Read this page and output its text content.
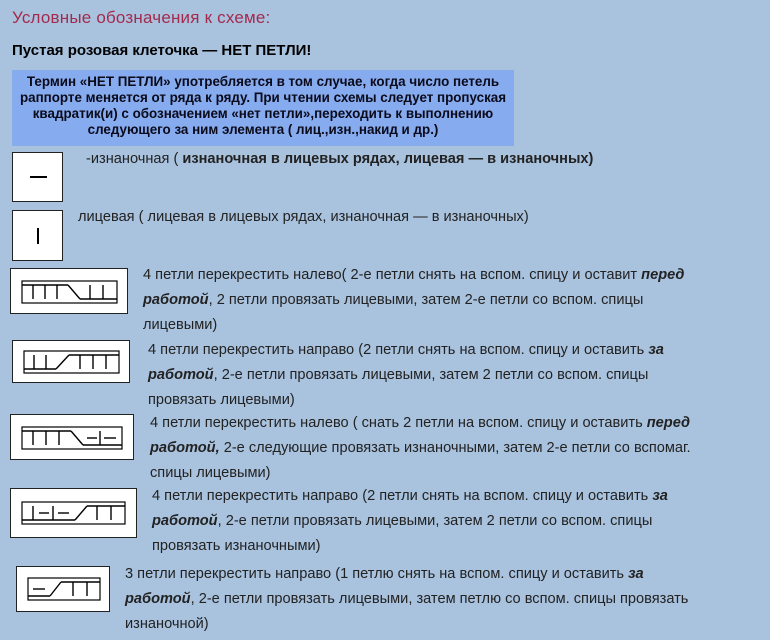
Условные обозначения к схеме:
Пустая розовая клеточка — НЕТ ПЕТЛИ!
Термин «НЕТ ПЕТЛИ» употребляется в том случае, когда число петель
раппорте меняется от ряда к ряду. При чтении схемы следует пропуская
квадратик(и) с обозначением «нет петли»,переходить к выполнению
следующего за ним элемента ( лиц.,изн.,накид и др.)
-изнаночная ( изнаночная в лицевых рядах, лицевая — в изнаночных)
лицевая ( лицевая в лицевых рядах, изнаночная — в изнаночных)
4 петли перекрестить налево( 2-е петли снять на вспом. спицу и оставит перед
работой, 2 петли провязать лицевыми, затем 2-е петли со вспом. спицы
лицевыми)
4 петли перекрестить направо (2 петли снять на вспом. спицу и оставить за
работой, 2-е петли провязать лицевыми, затем 2 петли со вспом. спицы
провязать лицевыми)
4 петли перекрестить налево ( снать 2 петли на вспом. спицу и оставить перед
работой, 2-е следующие провязать изнаночными, затем 2-е петли со вспомаг.
спицы лицевыми)
4 петли перекрестить направо (2 петли снять на вспом. спицу и оставить за
работой, 2-е петли провязать лицевыми, затем 2 петли со вспом. спицы
провязать изнаночными)
3 петли перекрестить направо (1 петлю снять на вспом. спицу и оставить за
работой, 2-е петли провязать лицевыми, затем петлю со вспом. спицы провязать
изнаночной)
